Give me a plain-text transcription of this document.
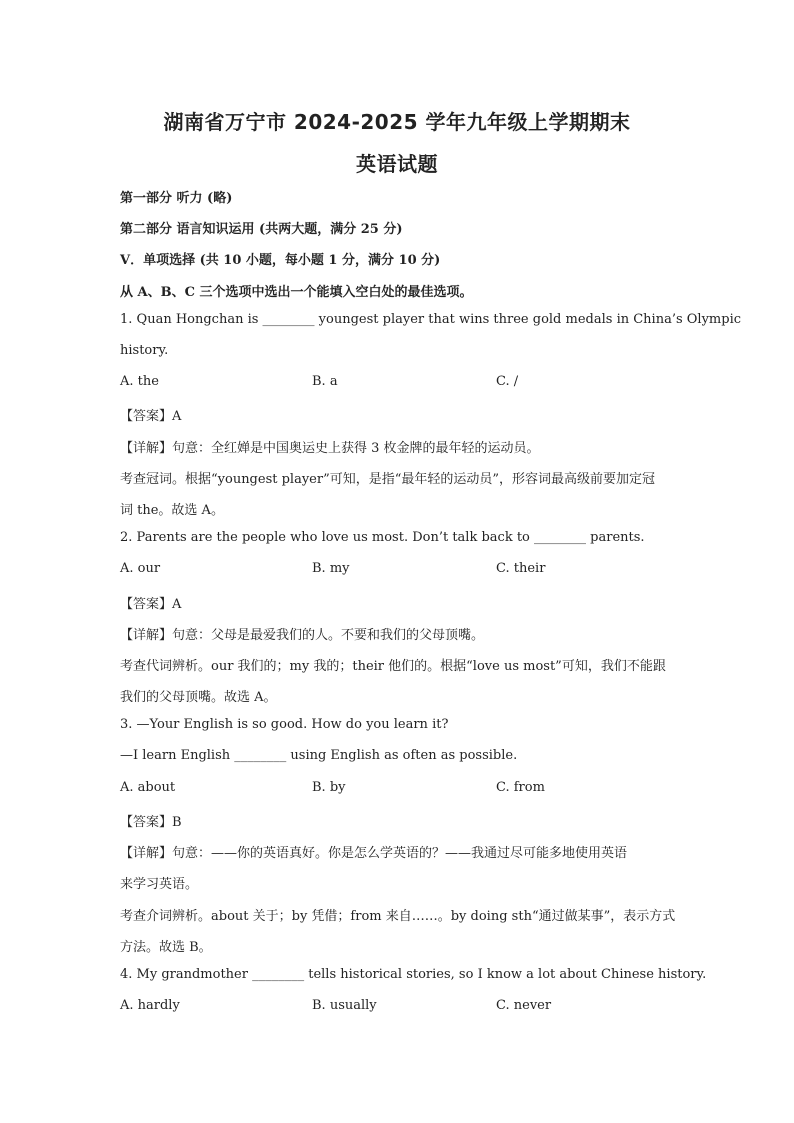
湖南省万宁市 2024-2025 学年九年级上学期期末
英语试题
第一部分 听力 (略)
第二部分 语言知识运用 (共两大题，满分 25 分)
V．单项选择 (共 10 小题，每小题 1 分，满分 10 分)
从 A、B、C 三个选项中选出一个能填入空白处的最佳选项。
1. Quan Hongchan is ________ youngest player that wins three gold medals in China’s Olympic
history.
A. the	B. a	C. /
【答案】A
【详解】句意：全红婵是中国奥运史上获得 3 枚金牌的最年轻的运动员。
考查冠词。根据“youngest player”可知，是指“最年轻的运动员”，形容词最高级前要加定冠
词 the。故选 A。
2. Parents are the people who love us most. Don’t talk back to ________ parents.
A. our	B. my	C. their
【答案】A
【详解】句意：父母是最爱我们的人。不要和我们的父母顶嘴。
考查代词辨析。our 我们的；my 我的；their 他们的。根据“love us most”可知，我们不能跟
我们的父母顶嘴。故选 A。
3. —Your English is so good. How do you learn it?
—I learn English ________ using English as often as possible.
A. about	B. by	C. from
【答案】B
【详解】句意：——你的英语真好。你是怎么学英语的？——我通过尽可能多地使用英语
来学习英语。
考查介词辨析。about 关于；by 凭借；from 来自……。by doing sth“通过做某事”，表示方式
方法。故选 B。
4. My grandmother ________ tells historical stories, so I know a lot about Chinese history.
A. hardly	B. usually	C. never
